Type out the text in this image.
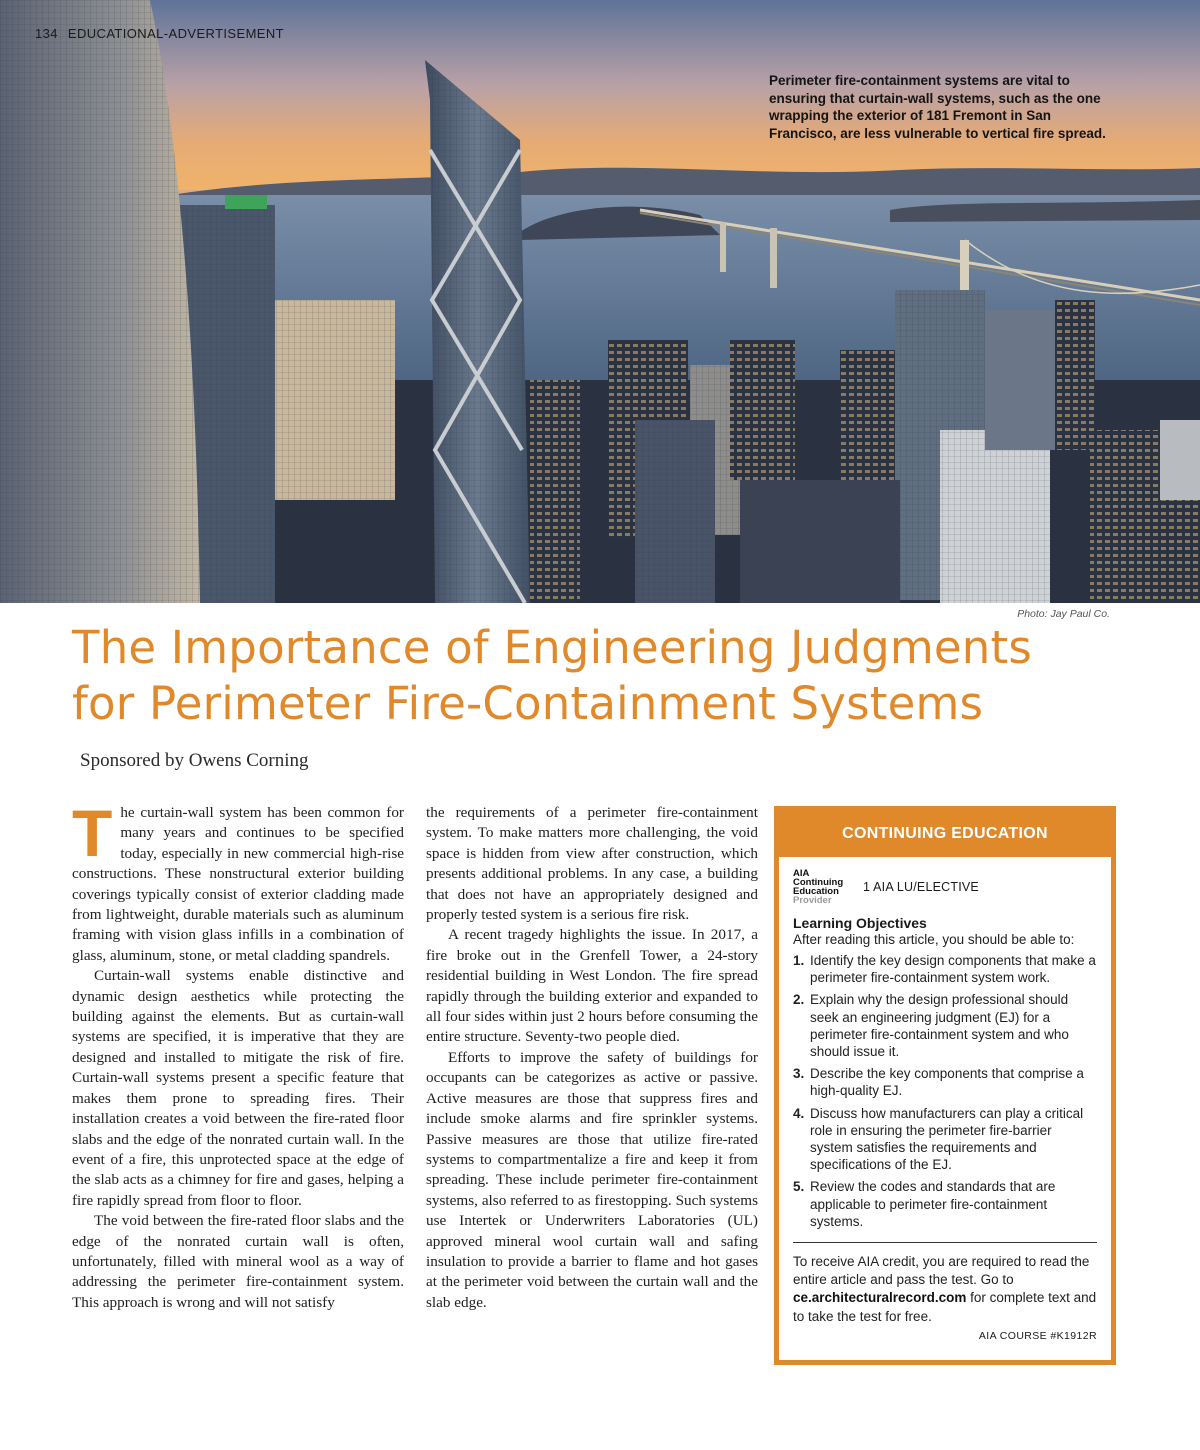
134 EDUCATIONAL-ADVERTISEMENT
Perimeter fire-containment systems are vital to ensuring that curtain-wall systems, such as the one wrapping the exterior of 181 Fremont in San Francisco, are less vulnerable to vertical fire spread.
Photo: Jay Paul Co.
The Importance of Engineering Judgments
for Perimeter Fire-Containment Systems
Sponsored by Owens Corning

The curtain-wall system has been common for many years and continues to be specified today, especially in new commercial high-rise constructions. These nonstructural exterior building coverings typically consist of exterior cladding made from lightweight, durable materials such as aluminum framing with vision glass infills in a combination of glass, aluminum, stone, or metal cladding spandrels.

Curtain-wall systems enable distinctive and dynamic design aesthetics while protecting the building against the elements. But as curtain-wall systems are specified, it is imperative that they are designed and installed to mitigate the risk of fire. Curtain-wall systems present a specific feature that makes them prone to spreading fires. Their installation creates a void between the fire-rated floor slabs and the edge of the nonrated curtain wall. In the event of a fire, this unprotected space at the edge of the slab acts as a chimney for fire and gases, helping a fire rapidly spread from floor to floor.

The void between the fire-rated floor slabs and the edge of the nonrated curtain wall is often, unfortunately, filled with mineral wool as a way of addressing the perimeter fire-containment system. This approach is wrong and will not satisfy

the requirements of a perimeter fire-containment system. To make matters more challenging, the void space is hidden from view after construction, which presents additional problems. In any case, a building that does not have an appropriately designed and properly tested system is a serious fire risk.

A recent tragedy highlights the issue. In 2017, a fire broke out in the Grenfell Tower, a 24-story residential building in West London. The fire spread rapidly through the building exterior and expanded to all four sides within just 2 hours before consuming the entire structure. Seventy-two people died.

Efforts to improve the safety of buildings for occupants can be categorizes as active or passive. Active measures are those that suppress fires and include smoke alarms and fire sprinkler systems. Passive measures are those that utilize fire-rated systems to compartmentalize a fire and keep it from spreading. These include perimeter fire-containment systems, also referred to as firestopping. Such systems use Intertek or Underwriters Laboratories (UL) approved mineral wool curtain wall and safing insulation to provide a barrier to flame and hot gases at the perimeter void between the curtain wall and the slab edge.

CONTINUING EDUCATION
AIA
Continuing
Education
Provider
1 AIA LU/ELECTIVE
Learning Objectives
After reading this article, you should be able to:
1. Identify the key design components that make a perimeter fire-containment system work.
2. Explain why the design professional should seek an engineering judgment (EJ) for a perimeter fire-containment system and who should issue it.
3. Describe the key components that comprise a high-quality EJ.
4. Discuss how manufacturers can play a critical role in ensuring the perimeter fire-barrier system satisfies the requirements and specifications of the EJ.
5. Review the codes and standards that are applicable to perimeter fire-containment systems.
To receive AIA credit, you are required to read the entire article and pass the test. Go to ce.architecturalrecord.com for complete text and to take the test for free.
AIA COURSE #K1912R
